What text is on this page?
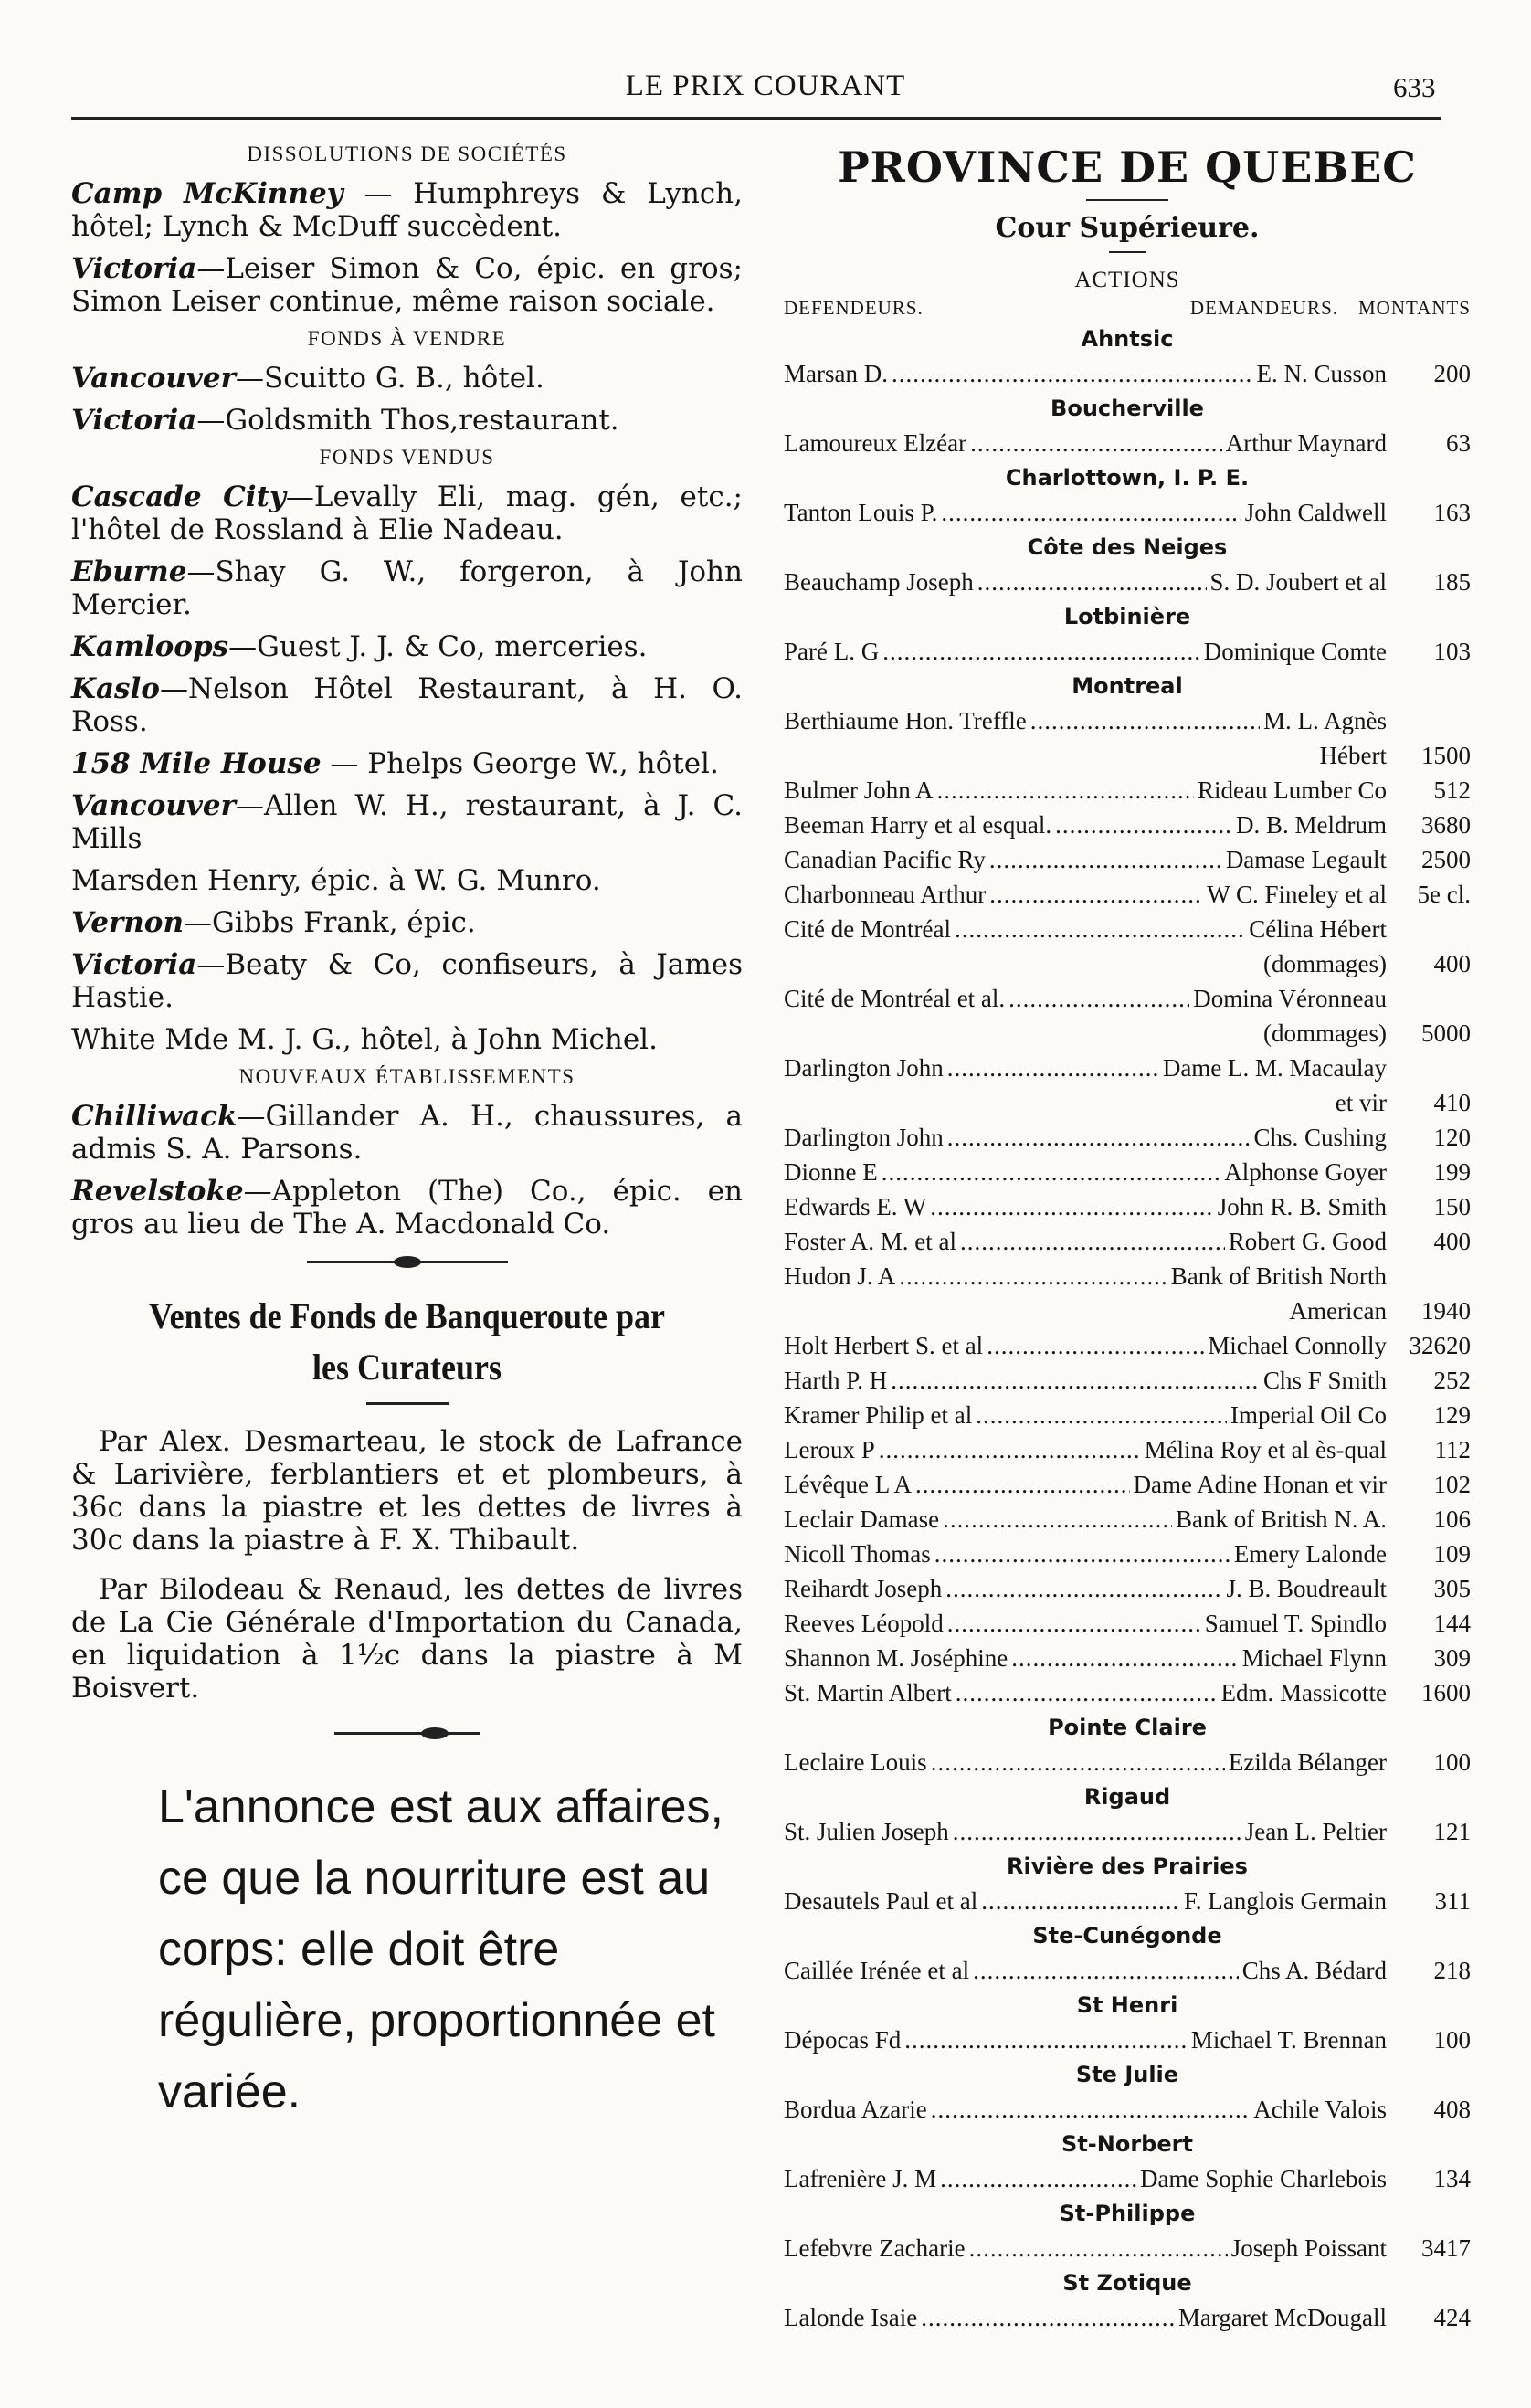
LE PRIX COURANT	633
DISSOLUTIONS DE SOCIÉTÉS
Camp McKinney — Humphreys & Lynch, hôtel; Lynch & McDuff succèdent.
Victoria—Leiser Simon & Co, épic. en gros; Simon Leiser continue, même raison sociale.
FONDS À VENDRE
Vancouver—Scuitto G. B., hôtel.
Victoria—Goldsmith Thos,restaurant.
FONDS VENDUS
Cascade City—Levally Eli, mag. gén, etc.; l'hôtel de Rossland à Elie Nadeau.
Eburne—Shay G. W., forgeron, à John Mercier.
Kamloops—Guest J. J. & Co, merceries.
Kaslo—Nelson Hôtel Restaurant, à H. O. Ross.
158 Mile House — Phelps George W., hôtel.
Vancouver—Allen W. H., restaurant, à J. C. Mills
Marsden Henry, épic. à W. G. Munro.
Vernon—Gibbs Frank, épic.
Victoria—Beaty & Co, confiseurs, à James Hastie.
White Mde M. J. G., hôtel, à John Michel.
NOUVEAUX ÉTABLISSEMENTS
Chilliwack—Gillander A. H., chaussures, a admis S. A. Parsons.
Revelstoke—Appleton (The) Co., épic. en gros au lieu de The A. Macdonald Co.
Ventes de Fonds de Banqueroute par
les Curateurs
Par Alex. Desmarteau, le stock de Lafrance & Larivière, ferblantiers et et plombeurs, à 36c dans la piastre et les dettes de livres à 30c dans la piastre à F. X. Thibault.
Par Bilodeau & Renaud, les dettes de livres de La Cie Générale d'Importation du Canada, en liquidation à 1½c dans la piastre à M Boisvert.
L'annonce est aux affaires, ce que la nourriture est au corps: elle doit être régulière, proportionnée et variée.
PROVINCE DE QUEBEC
Cour Supérieure.
ACTIONS
DEFENDEURS.	DEMANDEURS. MONTANTS
Ahntsic
Marsan D. .....	E. N. Cusson	200
Boucherville
Lamoureux Elzéar .....	Arthur Maynard	63
Charlottown, I. P. E.
Tanton Louis P. .....	John Caldwell	163
Côte des Neiges
Beauchamp Joseph .....	S. D. Joubert et al	185
Lotbinière
Paré L. G .....	Dominique Comte	103
Montreal
Berthiaume Hon. Treffle .....	M. L. Agnès
Hébert	1500
Bulmer John A .....	Rideau Lumber Co	512
Beeman Harry et al esqual. .....	D. B. Meldrum	3680
Canadian Pacific Ry .....	Damase Legault	2500
Charbonneau Arthur .....	W C. Fineley et al	5e cl.
Cité de Montréal .....	Célina Hébert
(dommages)	400
Cité de Montréal et al. .....	Domina Véronneau
(dommages)	5000
Darlington John .....	Dame L. M. Macaulay
et vir	410
Darlington John .....	Chs. Cushing	120
Dionne E .....	Alphonse Goyer	199
Edwards E. W .....	John R. B. Smith	150
Foster A. M. et al .....	Robert G. Good	400
Hudon J. A .....	Bank of British North
American	1940
Holt Herbert S. et al .....	Michael Connolly 32620
Harth P. H .....	Chs F Smith	252
Kramer Philip et al .....	Imperial Oil Co	129
Leroux P .....	Mélina Roy et al ès-qual	112
Lévêque L A .....	Dame Adine Honan et vir	102
Leclair Damase .....	Bank of British N. A.	106
Nicoll Thomas .....	Emery Lalonde	109
Reihardt Joseph .....	J. B. Boudreault	305
Reeves Léopold .....	Samuel T. Spindlo	144
Shannon M. Joséphine .....	Michael Flynn	309
St. Martin Albert .....	Edm. Massicotte	1600
Pointe Claire
Leclaire Louis .....	Ezilda Bélanger	100
Rigaud
St. Julien Joseph .....	Jean L. Peltier	121
Rivière des Prairies
Desautels Paul et al .....	F. Langlois Germain	311
Ste-Cunégonde
Caillée Irénée et al .....	Chs A. Bédard	218
St Henri
Dépocas Fd .....	Michael T. Brennan	100
Ste Julie
Bordua Azarie .....	Achile Valois	408
St-Norbert
Lafrenière J. M .....	Dame Sophie Charlebois	134
St-Philippe
Lefebvre Zacharie .....	Joseph Poissant	3417
St Zotique
Lalonde Isaie .....	Margaret McDougall	424
